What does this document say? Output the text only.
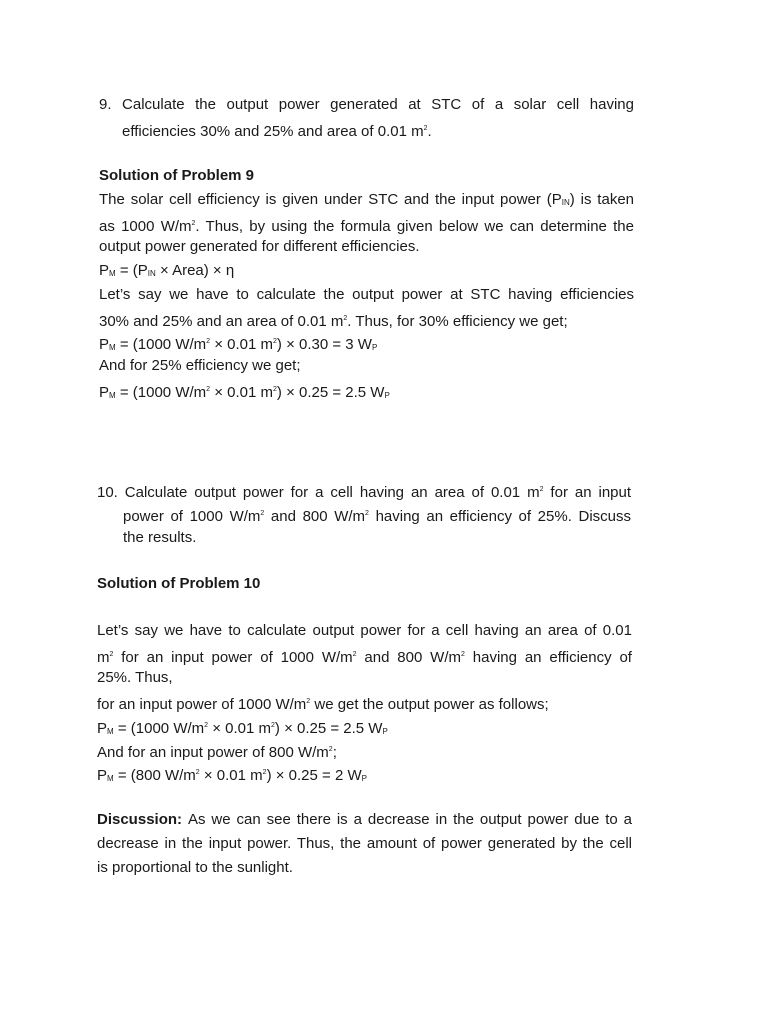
9. Calculate the output power generated at STC of a solar cell having
efficiencies 30% and 25% and area of 0.01 $m^2$.
Solution of Problem 9
The solar cell efficiency is given under STC and the input power (PIN) is taken
as 1000 $W/m^2$. Thus, by using the formula given below we can determine the
output power generated for different efficiencies.
PM = (PIN × Area) × η
Let’s say we have to calculate the output power at STC having efficiencies
30% and 25% and an area of 0.01 $m^2$. Thus, for 30% efficiency we get;
PM = (1000 $W/m^2 \times 0.01$ $m^2) \times 0.30 = 3$ WP
And for 25% efficiency we get;
PM = (1000 $W/m^2 \times 0.01$ $m^2) \times 0.25 = 2.5$ WP
10. Calculate output power for a cell having an area of 0.01 $m^2$ for an input
power of 1000 $W/m^2$ and 800 $W/m^2$ having an efficiency of 25%. Discuss
the results.
Solution of Problem 10
Let’s say we have to calculate output power for a cell having an area of 0.01
$m^2$ for an input power of 1000 $W/m^2$ and 800 $W/m^2$ having an efficiency of
25%. Thus,
for an input power of 1000 $W/m^2$ we get the output power as follows;
PM = (1000 $W/m^2 \times 0.01$ $m^2) \times 0.25 = 2.5$ WP
And for an input power of 800 $W/m^2$;
PM = (800 $W/m^2 \times 0.01$ $m^2) \times 0.25 = 2$ WP
Discussion: As we can see there is a decrease in the output power due to a
decrease in the input power. Thus, the amount of power generated by the cell
is proportional to the sunlight.
